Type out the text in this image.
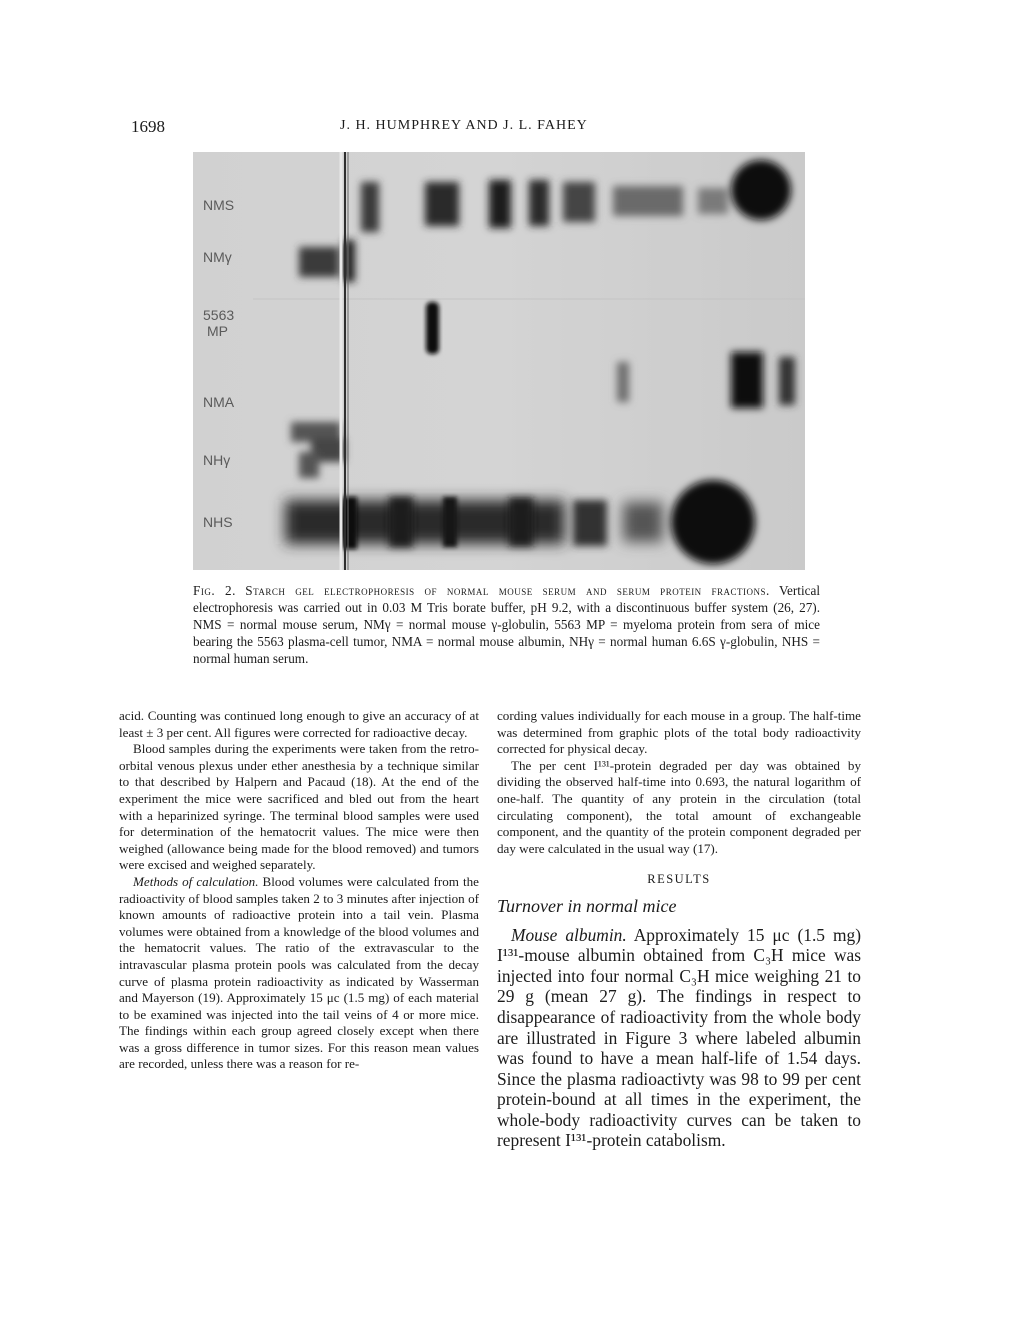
1698	J. H. HUMPHREY AND J. L. FAHEY
NMS
NMγ
5563
MP
NMA
NHγ
NHS
Fig. 2. Starch gel electrophoresis of normal mouse serum and serum protein fractions. Vertical electrophoresis was carried out in 0.03 M Tris borate buffer, pH 9.2, with a discontinuous buffer system (26, 27). NMS = normal mouse serum, NMγ = normal mouse γ-globulin, 5563 MP = myeloma protein from sera of mice bearing the 5563 plasma-cell tumor, NMA = normal mouse albumin, NHγ = normal human 6.6S γ-globulin, NHS = normal human serum.

acid. Counting was continued long enough to give an accuracy of at least ± 3 per cent. All figures were corrected for radioactive decay.

Blood samples during the experiments were taken from the retro-orbital venous plexus under ether anesthesia by a technique similar to that described by Halpern and Pacaud (18). At the end of the experiment the mice were sacrificed and bled out from the heart with a heparinized syringe. The terminal blood samples were used for determination of the hematocrit values. The mice were then weighed (allowance being made for the blood removed) and tumors were excised and weighed separately.

Methods of calculation. Blood volumes were calculated from the radioactivity of blood samples taken 2 to 3 minutes after injection of known amounts of radioactive protein into a tail vein. Plasma volumes were obtained from a knowledge of the blood volumes and the hematocrit values. The ratio of the extravascular to the intravascular plasma protein pools was calculated from the decay curve of plasma protein radioactivity as indicated by Wasserman and Mayerson (19). Approximately 15 μc (1.5 mg) of each material to be examined was injected into the tail veins of 4 or more mice. The findings within each group agreed closely except when there was a gross difference in tumor sizes. For this reason mean values are recorded, unless there was a reason for re-

cording values individually for each mouse in a group. The half-time was determined from graphic plots of the total body radioactivity corrected for physical decay.

The per cent I¹³¹-protein degraded per day was obtained by dividing the observed half-time into 0.693, the natural logarithm of one-half. The quantity of any protein in the circulation (total circulating component), the total amount of exchangeable component, and the quantity of the protein component degraded per day were calculated in the usual way (17).

RESULTS
Turnover in normal mice

Mouse albumin. Approximately 15 μc (1.5 mg) I¹³¹-mouse albumin obtained from C₃H mice was injected into four normal C₃H mice weighing 21 to 29 g (mean 27 g). The findings in respect to disappearance of radioactivity from the whole body are illustrated in Figure 3 where labeled albumin was found to have a mean half-life of 1.54 days. Since the plasma radioactivty was 98 to 99 per cent protein-bound at all times in the experiment, the whole-body radioactivity curves can be taken to represent I¹³¹-protein catabolism.
